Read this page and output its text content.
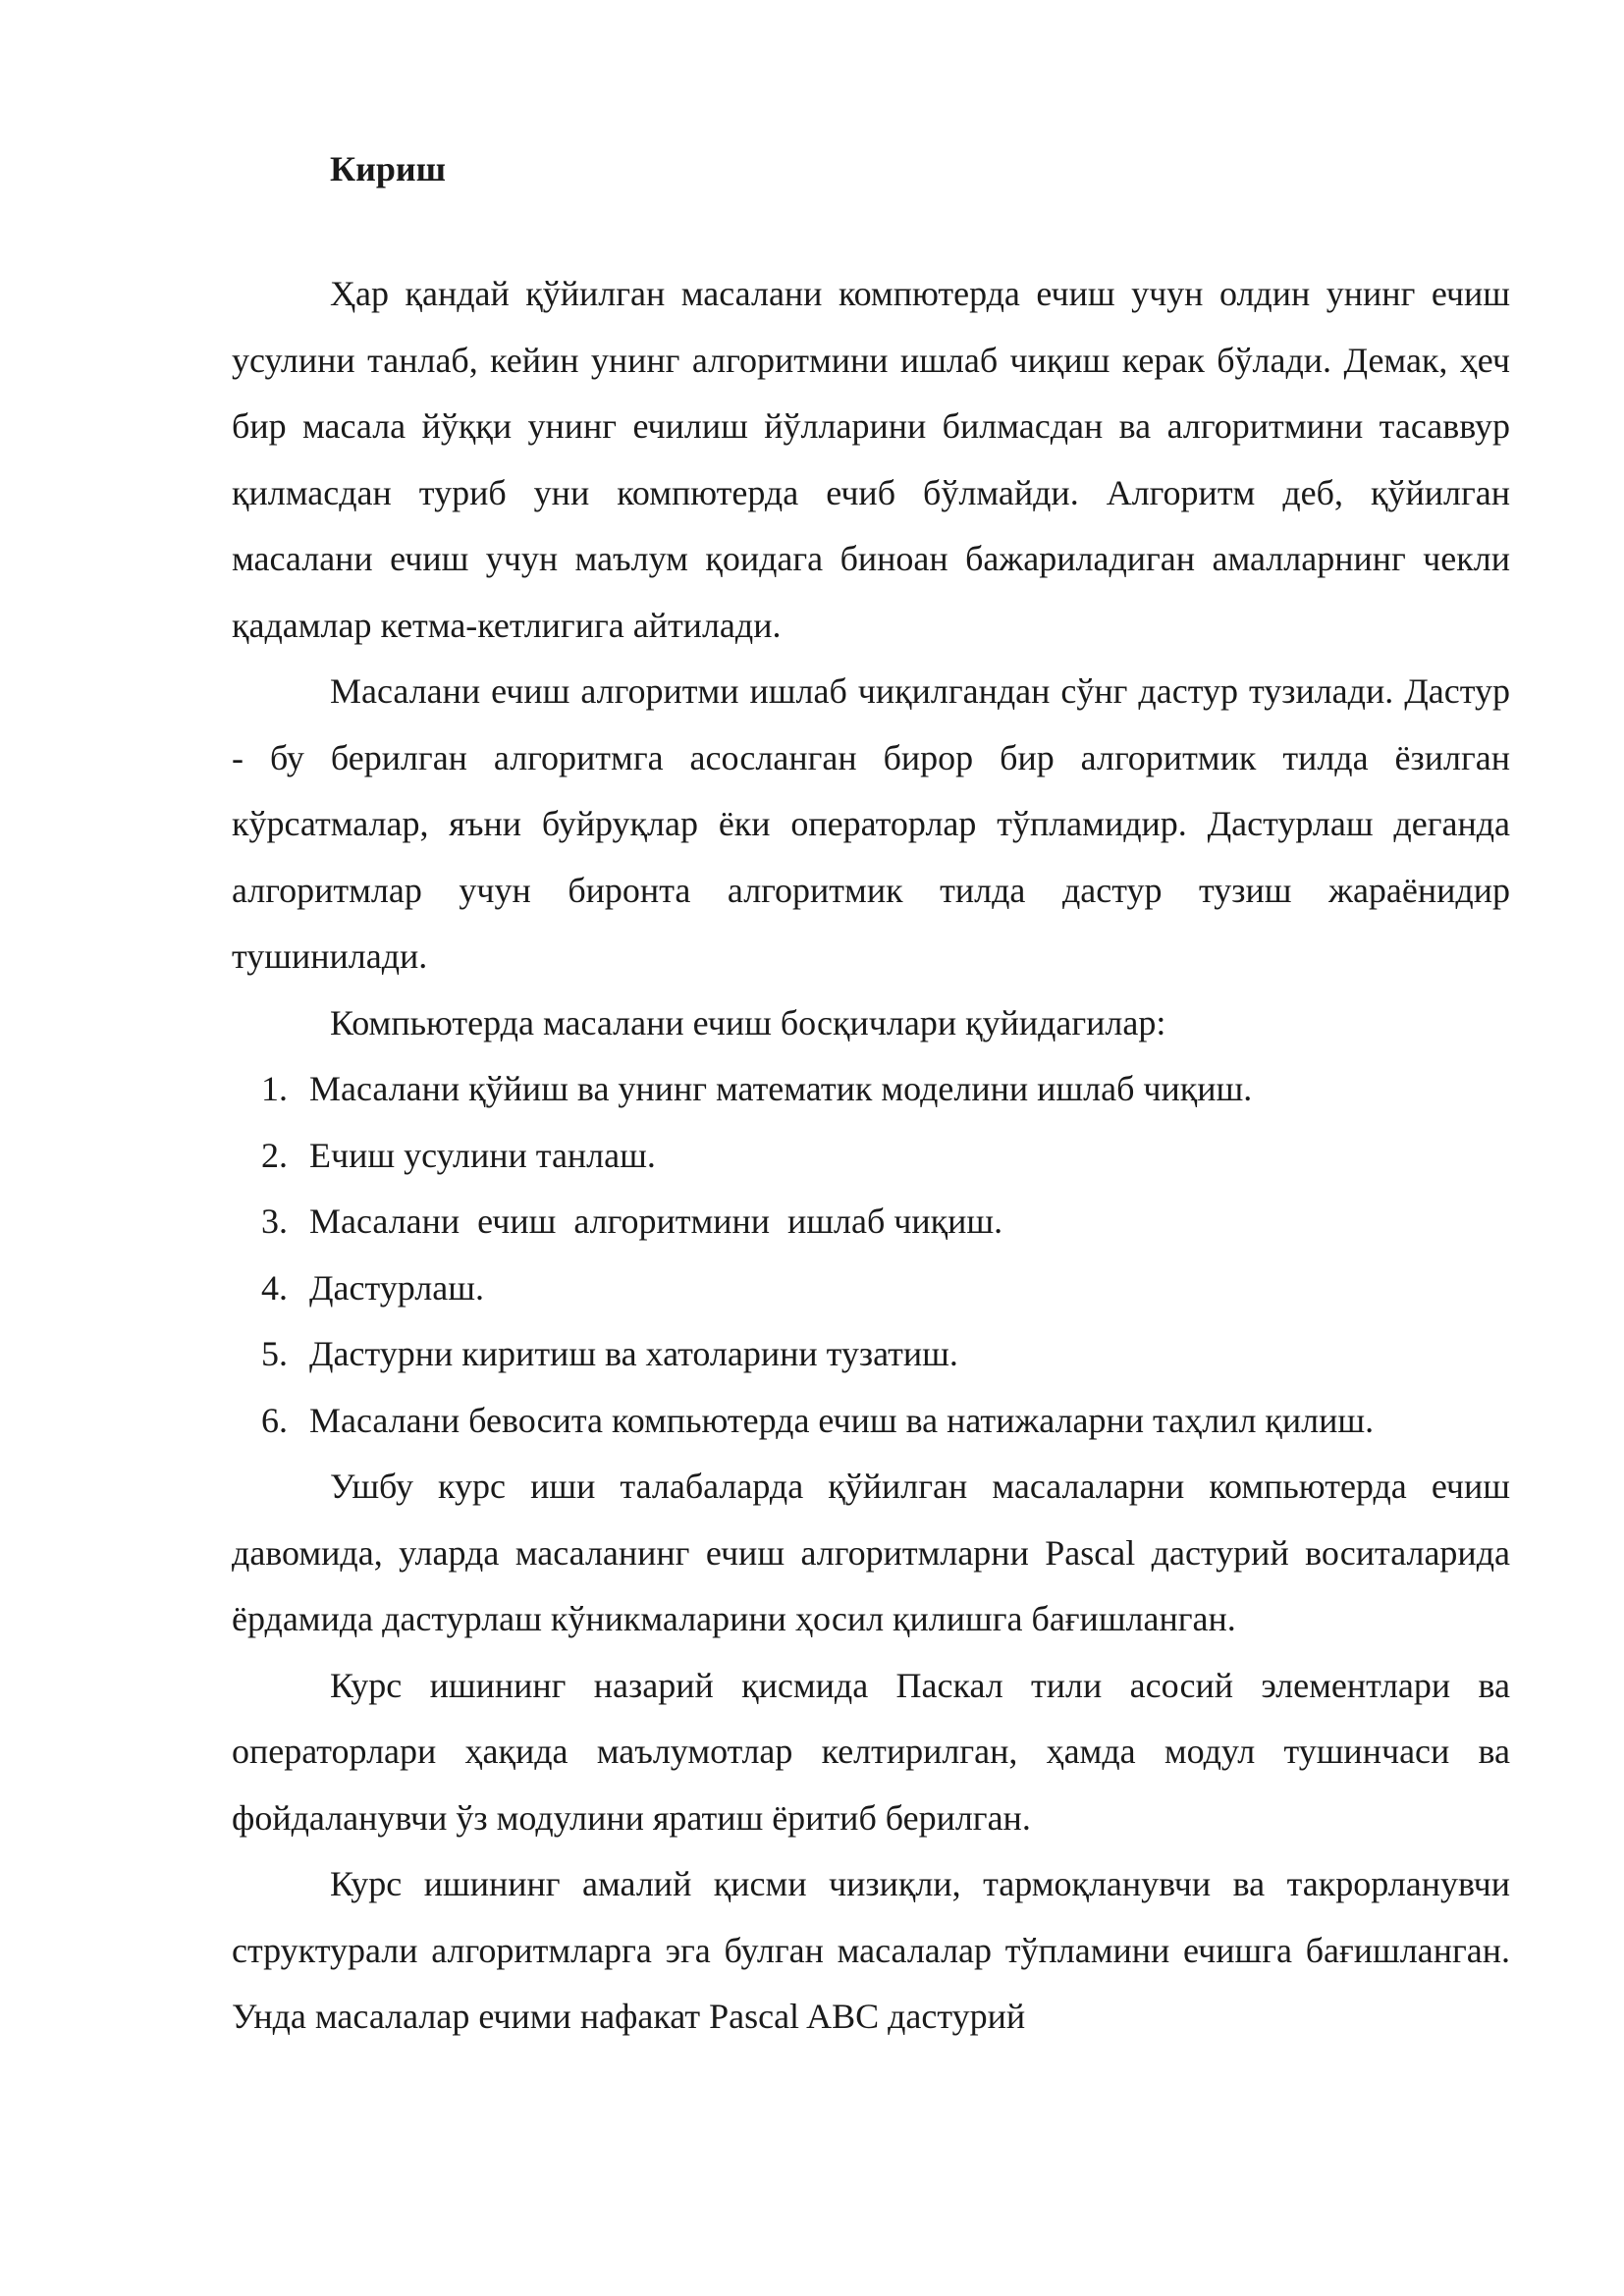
Кириш

Ҳар қандай қўйилган масалани компютерда ечиш учун олдин унинг ечиш усулини танлаб, кейин унинг алгоритмини ишлаб чиқиш керак бўлади. Демак, ҳеч бир масала йўққи унинг ечилиш йўлларини билмасдан ва алгоритмини тасаввур қилмасдан туриб уни компютерда ечиб бўлмайди. Алгоритм деб, қўйилган масалани ечиш учун маълум қоидага биноан бажариладиган амалларнинг чекли қадамлар кетма-кетлигига айтилади.

Масалани ечиш алгоритми ишлаб чиқилгандан сўнг дастур тузилади. Дастур - бу берилган алгоритмга асосланган бирор бир алгоритмик тилда ёзилган кўрсатмалар, яъни буйруқлар ёки операторлар тўпламидир. Дастурлаш деганда алгоритмлар учун биронта алгоритмик тилда дастур тузиш жараёнидир тушинилади.

Компьютерда масалани ечиш босқичлари қуйидагилар:

1. Масалани қўйиш ва унинг математик моделини ишлаб чиқиш.
2. Ечиш усулини танлаш.
3. Масалани  ечиш  алгоритмини  ишлаб чиқиш.
4. Дастурлаш.
5. Дастурни киритиш ва хатоларини тузатиш.
6. Масалани бевосита компьютерда ечиш ва натижаларни таҳлил қилиш.

Ушбу курс иши талабаларда қўйилган масалаларни компьютерда ечиш давомида, уларда масаланинг ечиш алгоритмларни Pascal дастурий воситаларида ёрдамида дастурлаш кўникмаларини ҳосил қилишга бағишланган.

Курс ишининг назарий қисмида Паскал тили асосий элементлари ва операторлари ҳақида маълумотлар келтирилган, ҳамда модул тушинчаси ва фойдаланувчи ўз модулини яратиш ёритиб берилган.

Курс ишининг амалий қисми чизиқли, тармоқланувчи ва такрорланувчи структурали алгоритмларга эга булган масалалар тўпламини ечишга бағишланган. Унда масалалар ечими нафакат Pascal ABC дастурий
